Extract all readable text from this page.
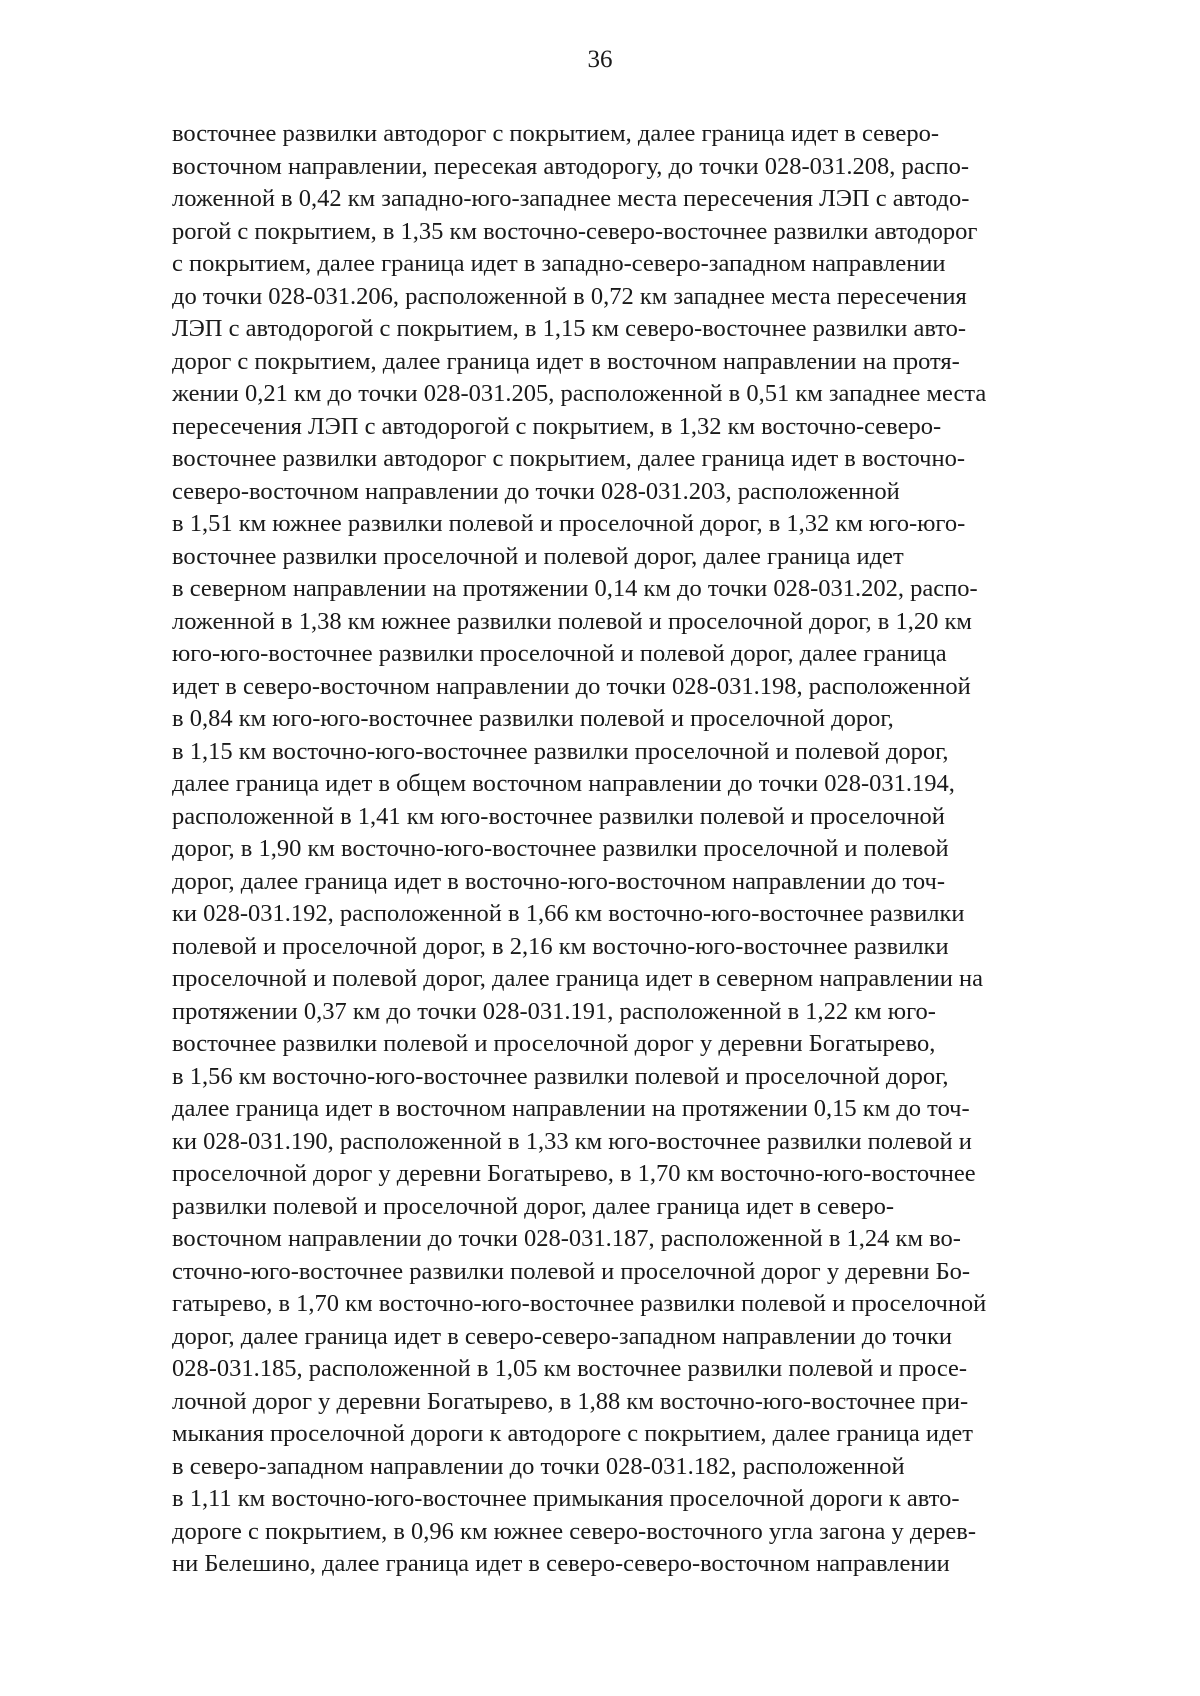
36
восточнее развилки автодорог с покрытием, далее граница идет в северо-
восточном направлении, пересекая автодорогу, до точки 028-031.208, распо-
ложенной в 0,42 км западно-юго-западнее места пересечения ЛЭП с автодо-
рогой с покрытием, в 1,35 км восточно-северо-восточнее развилки автодорог
с покрытием, далее граница идет в западно-северо-западном направлении
до точки 028-031.206, расположенной в 0,72 км западнее места пересечения
ЛЭП с автодорогой с покрытием, в 1,15 км северо-восточнее развилки авто-
дорог с покрытием, далее граница идет в восточном направлении на протя-
жении 0,21 км до точки 028-031.205, расположенной в 0,51 км западнее места
пересечения ЛЭП с автодорогой с покрытием, в 1,32 км восточно-северо-
восточнее развилки автодорог с покрытием, далее граница идет в восточно-
северо-восточном направлении до точки 028-031.203, расположенной
в 1,51 км южнее развилки полевой и проселочной дорог, в 1,32 км юго-юго-
восточнее развилки проселочной и полевой дорог, далее граница идет
в северном направлении на протяжении 0,14 км до точки 028-031.202, распо-
ложенной в 1,38 км южнее развилки полевой и проселочной дорог, в 1,20 км
юго-юго-восточнее развилки проселочной и полевой дорог, далее граница
идет в северо-восточном направлении до точки 028-031.198, расположенной
в 0,84 км юго-юго-восточнее развилки полевой и проселочной дорог,
в 1,15 км восточно-юго-восточнее развилки проселочной и полевой дорог,
далее граница идет в общем восточном направлении до точки 028-031.194,
расположенной в 1,41 км юго-восточнее развилки полевой и проселочной
дорог, в 1,90 км восточно-юго-восточнее развилки проселочной и полевой
дорог, далее граница идет в восточно-юго-восточном направлении до точ-
ки 028-031.192, расположенной в 1,66 км восточно-юго-восточнее развилки
полевой и проселочной дорог, в 2,16 км восточно-юго-восточнее развилки
проселочной и полевой дорог, далее граница идет в северном направлении на
протяжении 0,37 км до точки 028-031.191, расположенной в 1,22 км юго-
восточнее развилки полевой и проселочной дорог у деревни Богатырево,
в 1,56 км восточно-юго-восточнее развилки полевой и проселочной дорог,
далее граница идет в восточном направлении на протяжении 0,15 км до точ-
ки 028-031.190, расположенной в 1,33 км юго-восточнее развилки полевой и
проселочной дорог у деревни Богатырево, в 1,70 км восточно-юго-восточнее
развилки полевой и проселочной дорог, далее граница идет в северо-
восточном направлении до точки 028-031.187, расположенной в 1,24 км во-
сточно-юго-восточнее развилки полевой и проселочной дорог у деревни Бо-
гатырево, в 1,70 км восточно-юго-восточнее развилки полевой и проселочной
дорог, далее граница идет в северо-северо-западном направлении до точки
028-031.185, расположенной в 1,05 км восточнее развилки полевой и просе-
лочной дорог у деревни Богатырево, в 1,88 км восточно-юго-восточнее при-
мыкания проселочной дороги к автодороге с покрытием, далее граница идет
в северо-западном направлении до точки 028-031.182, расположенной
в 1,11 км восточно-юго-восточнее примыкания проселочной дороги к авто-
дороге с покрытием, в 0,96 км южнее северо-восточного угла загона у дерев-
ни Белешино, далее граница идет в северо-северо-восточном направлении
